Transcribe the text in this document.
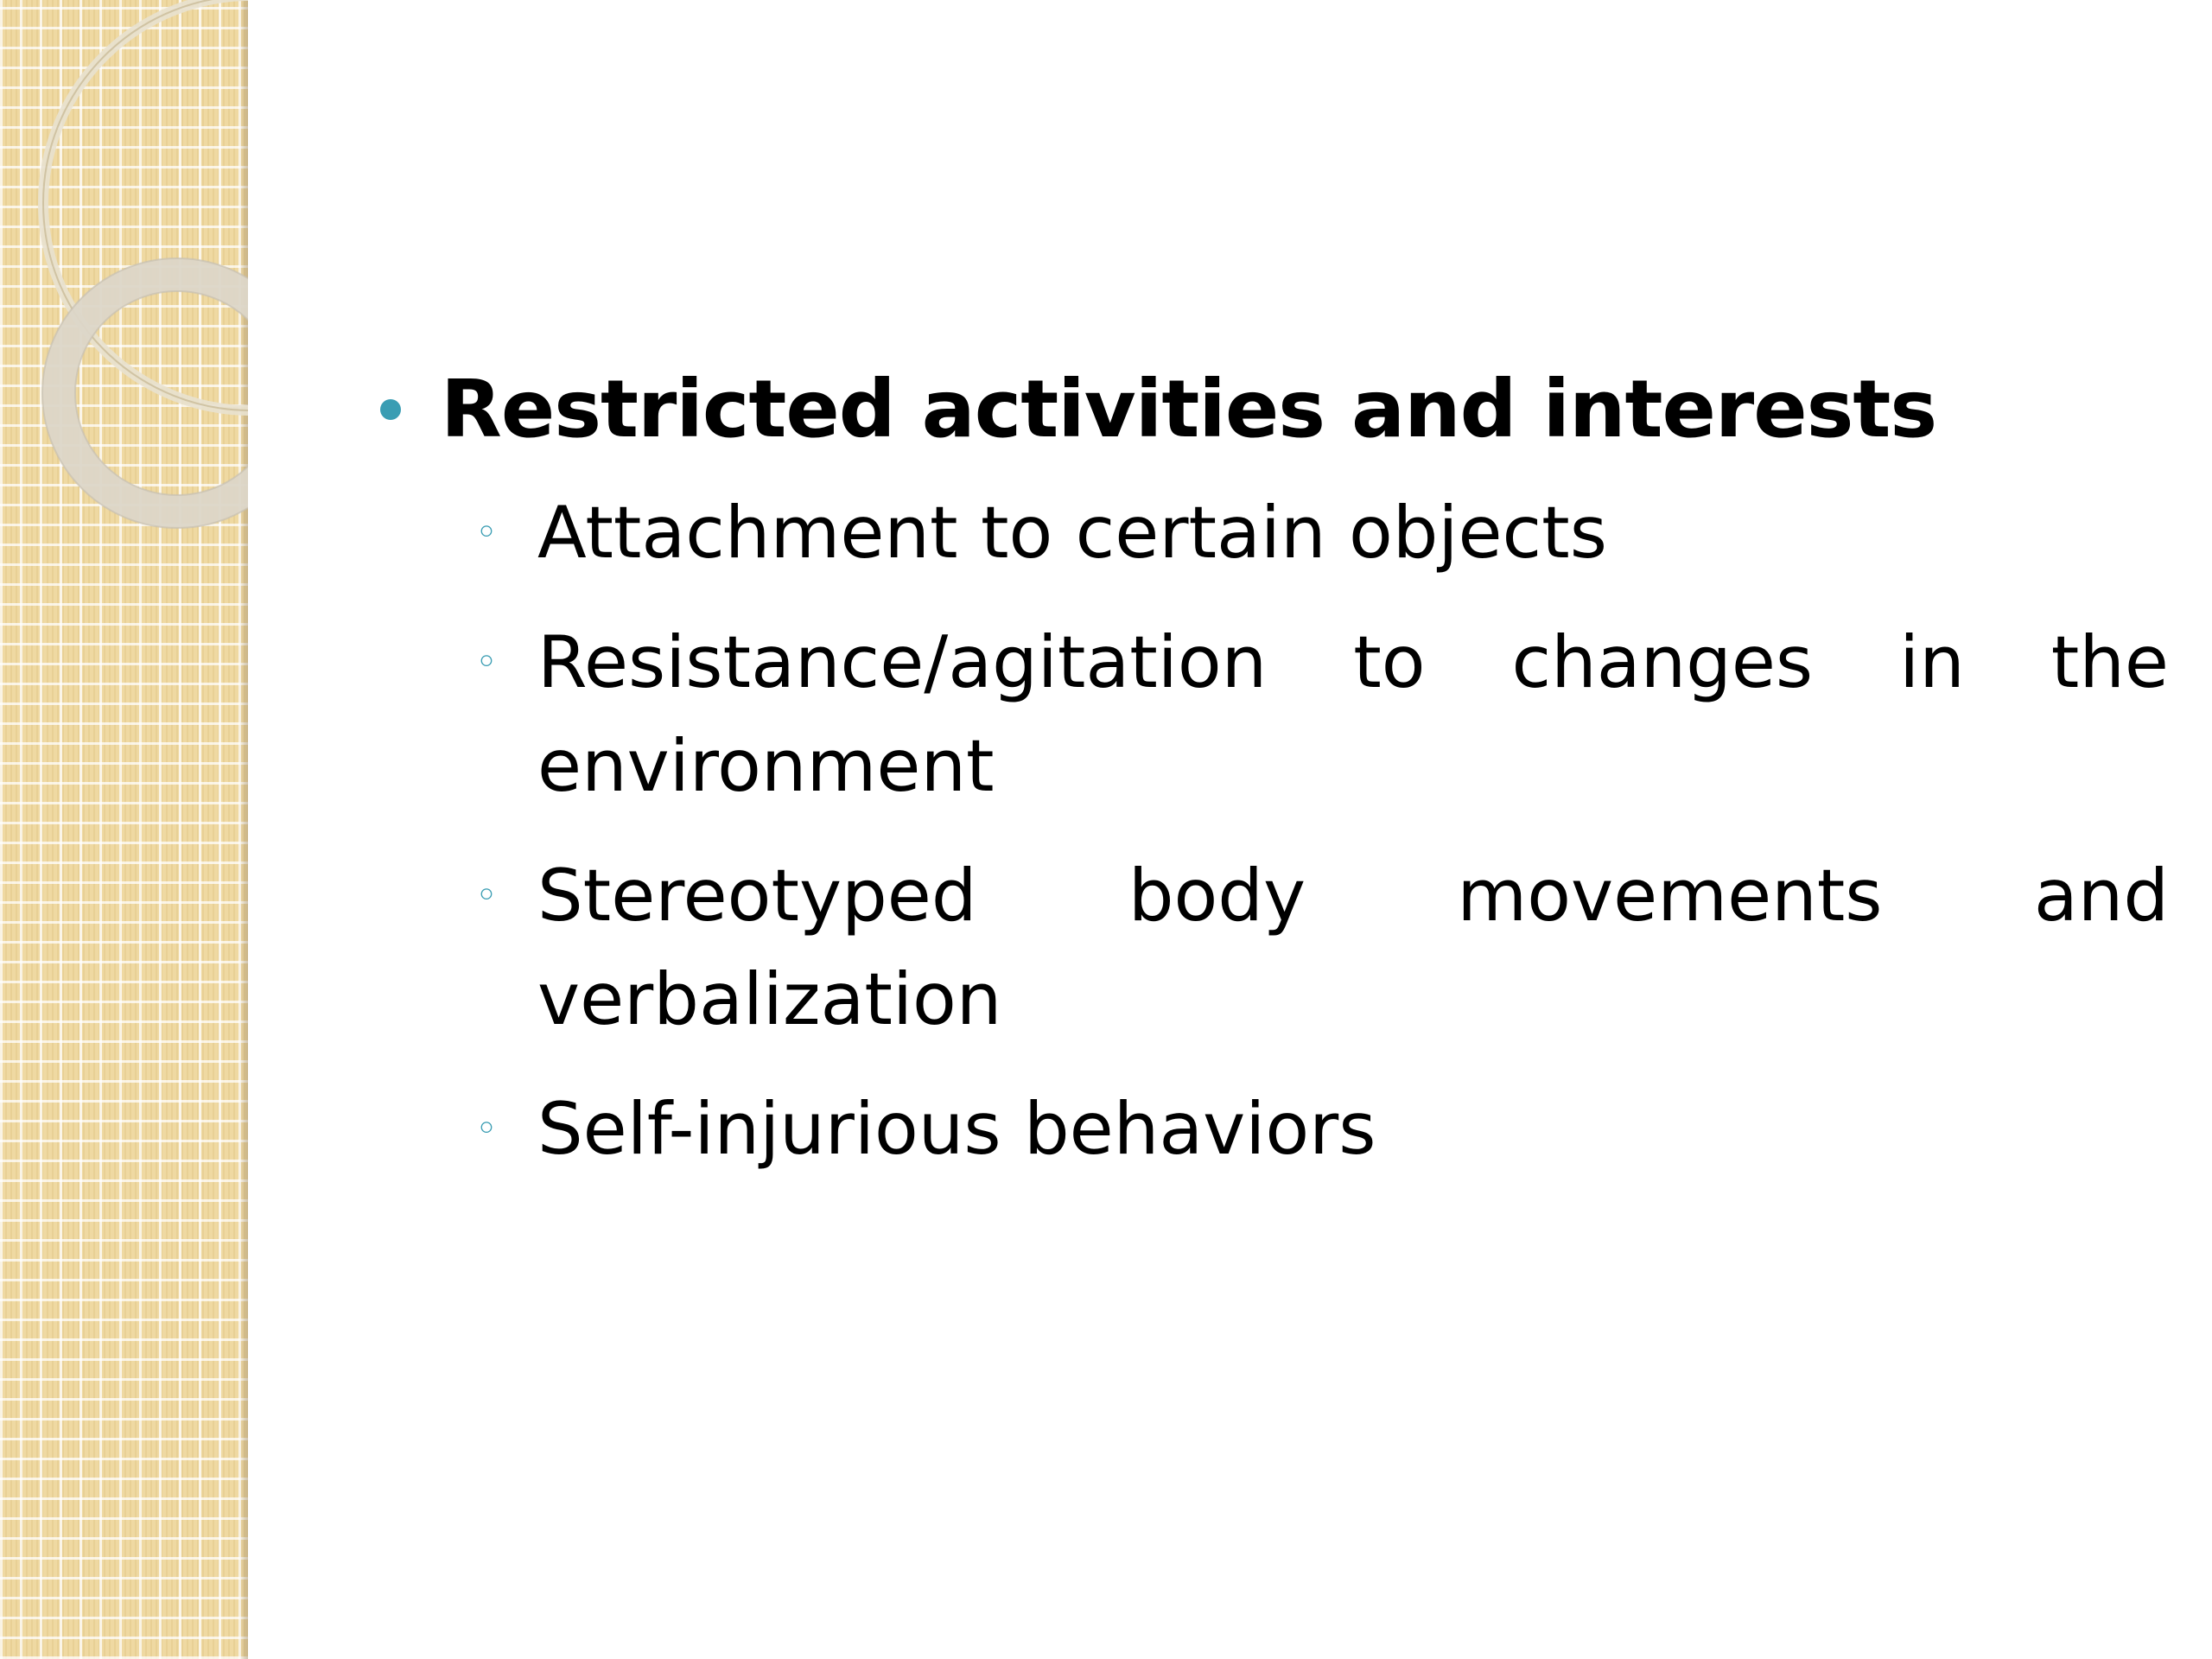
Restricted activities and interests
◦ Attachment to certain objects
◦ Resistance/agitation to changes in the environment
◦ Stereotyped body movements and verbalization
◦ Self-injurious behaviors
